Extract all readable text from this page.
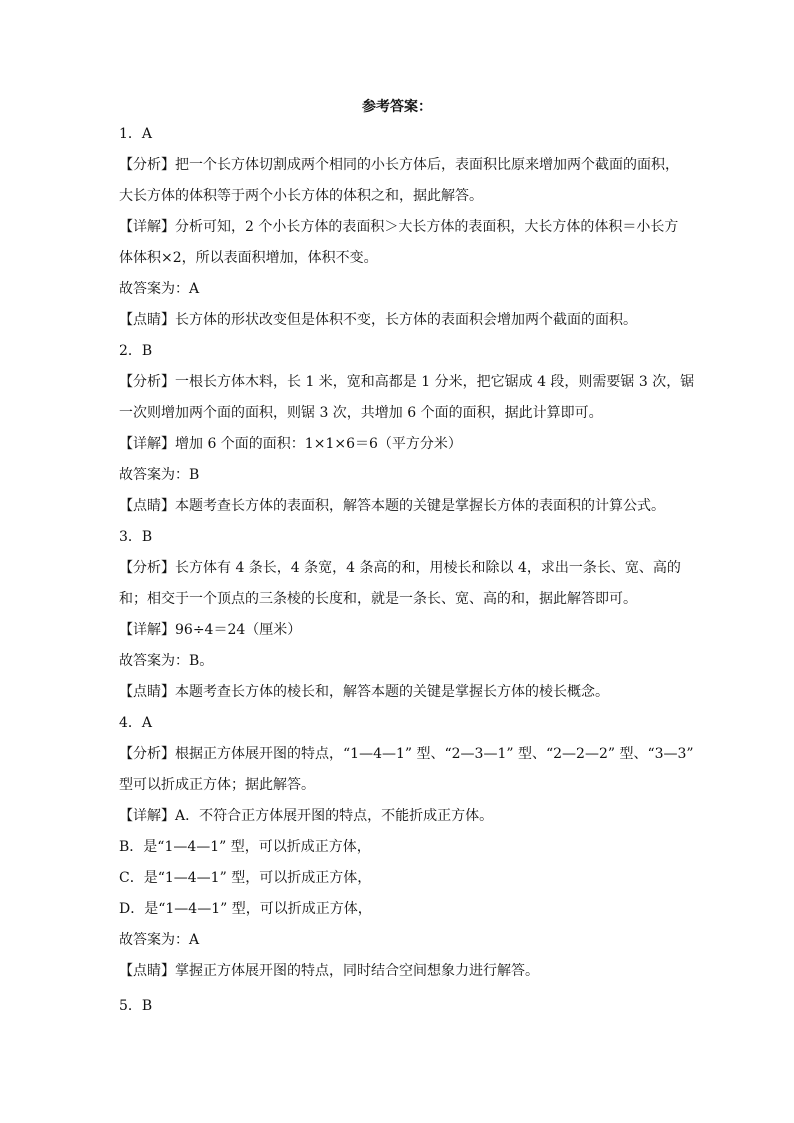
参考答案：
1．A
【分析】把一个长方体切割成两个相同的小长方体后，表面积比原来增加两个截面的面积，
大长方体的体积等于两个小长方体的体积之和，据此解答。
【详解】分析可知，2 个小长方体的表面积＞大长方体的表面积，大长方体的体积＝小长方
体体积×2，所以表面积增加，体积不变。
故答案为：A
【点睛】长方体的形状改变但是体积不变，长方体的表面积会增加两个截面的面积。
2．B
【分析】一根长方体木料，长 1 米，宽和高都是 1 分米，把它锯成 4 段，则需要锯 3 次，锯
一次则增加两个面的面积，则锯 3 次，共增加 6 个面的面积，据此计算即可。
【详解】增加 6 个面的面积：1×1×6＝6（平方分米）
故答案为：B
【点睛】本题考查长方体的表面积，解答本题的关键是掌握长方体的表面积的计算公式。
3．B
【分析】长方体有 4 条长，4 条宽，4 条高的和，用棱长和除以 4，求出一条长、宽、高的
和；相交于一个顶点的三条棱的长度和，就是一条长、宽、高的和，据此解答即可。
【详解】96÷4＝24（厘米）
故答案为：B。
【点睛】本题考查长方体的棱长和，解答本题的关键是掌握长方体的棱长概念。
4．A
【分析】根据正方体展开图的特点，“1—4—1” 型、“2—3—1” 型、“2—2—2” 型、“3—3”
型可以折成正方体；据此解答。
【详解】A．不符合正方体展开图的特点，不能折成正方体。
B．是“1—4—1” 型，可以折成正方体，
C．是“1—4—1” 型，可以折成正方体，
D．是“1—4—1” 型，可以折成正方体，
故答案为：A
【点睛】掌握正方体展开图的特点，同时结合空间想象力进行解答。
5．B
